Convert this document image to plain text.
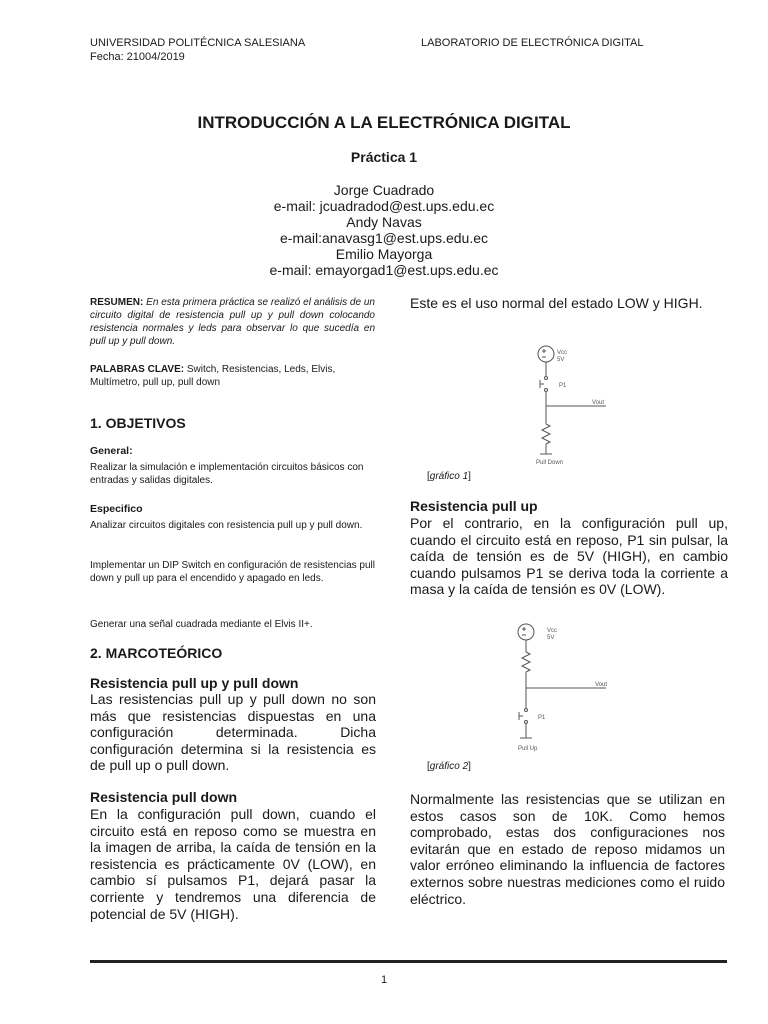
UNIVERSIDAD POLITÉCNICA SALESIANA
Fecha: 21004/2019
LABORATORIO DE ELECTRÓNICA DIGITAL
INTRODUCCIÓN A LA ELECTRÓNICA DIGITAL
Práctica 1
Jorge Cuadrado
e-mail: jcuadradod@est.ups.edu.ec
Andy Navas
e-mail:anavasg1@est.ups.edu.ec
Emilio Mayorga
e-mail: emayorgad1@est.ups.edu.ec
RESUMEN: En esta primera práctica se realizó el análisis de un circuito digital de resistencia pull up y pull down colocando resistencia normales y leds para observar lo que sucedía en pull up y pull down.
PALABRAS CLAVE: Switch, Resistencias, Leds, Elvis, Multímetro, pull up, pull down
1. OBJETIVOS
General:
Realizar la simulación e implementación circuitos básicos con entradas y salidas digitales.
Especifico
Analizar circuitos digitales con resistencia pull up y pull down.
Implementar un DIP Switch en configuración de resistencias pull down y pull up para el encendido y apagado en leds.
Generar una señal cuadrada mediante el Elvis II+.
2. MARCOTEÓRICO
Resistencia pull up y pull down
Las resistencias pull up y pull down no son más que resistencias dispuestas en una configuración determinada. Dicha configuración determina si la resistencia es de pull up o pull down.
Resistencia pull down
En la configuración pull down, cuando el circuito está en reposo como se muestra en la imagen de arriba, la caída de tensión en la resistencia es prácticamente 0V (LOW), en cambio sí pulsamos P1, dejará pasar la corriente y tendremos una diferencia de potencial de 5V (HIGH).
Este es el uso normal del estado LOW y HIGH.
Vcc
5V
P1
Vout
Pull Down
[gráfico 1]
Resistencia pull up
Por el contrario, en la configuración pull up, cuando el circuito está en reposo, P1 sin pulsar, la caída de tensión es de 5V (HIGH), en cambio cuando pulsamos P1 se deriva toda la corriente a masa y la caída de tensión es 0V (LOW).
Vcc
5V
Vout
P1
Pull Up
[gráfico 2]
Normalmente las resistencias que se utilizan en estos casos son de 10K. Como hemos comprobado, estas dos configuraciones nos evitarán que en estado de reposo midamos un valor erróneo eliminando la influencia de factores externos sobre nuestras mediciones como el ruido eléctrico.
1
